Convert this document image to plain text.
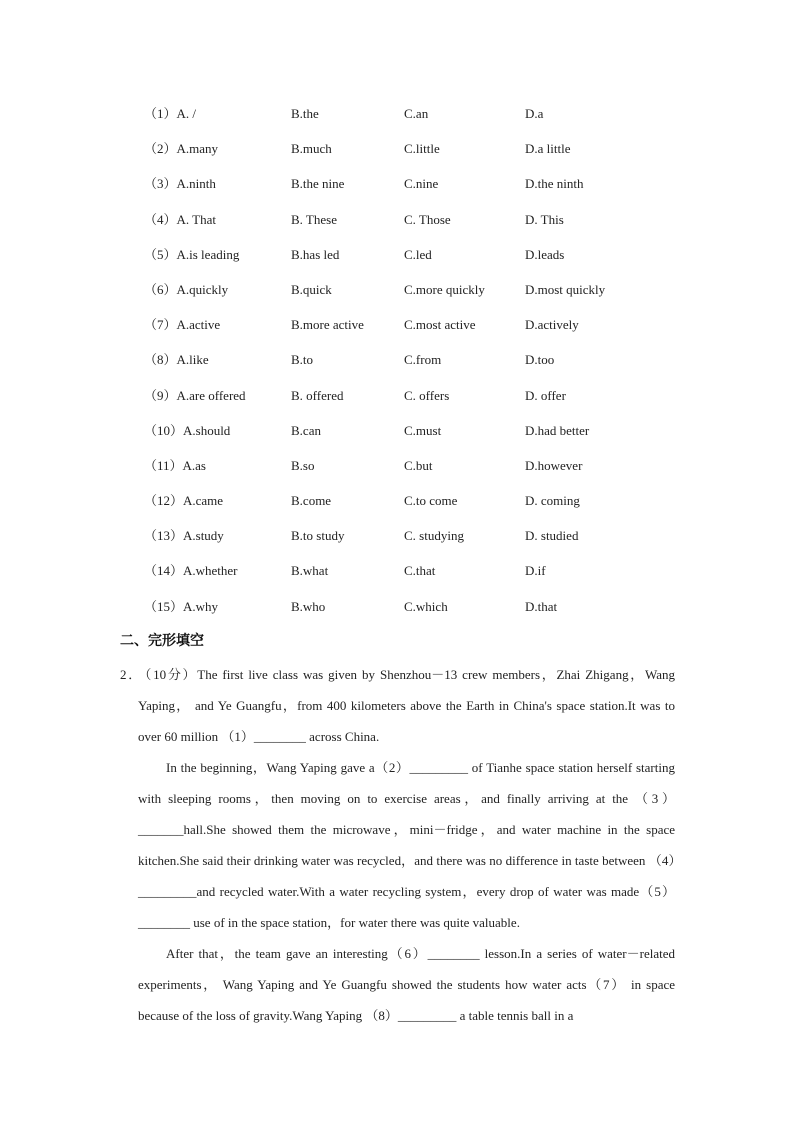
（1）A. /	B.the	C.an	D.a
（2）A.many	B.much	C.little	D.a little
（3）A.ninth	B.the nine	C.nine	D.the ninth
（4）A. That	B. These	C. Those	D. This
（5）A.is leading	B.has led	C.led	D.leads
（6）A.quickly	B.quick	C.more quickly	D.most quickly
（7）A.active	B.more active	C.most active	D.actively
（8）A.like	B.to	C.from	D.too
（9）A.are offered	B. offered	C. offers	D. offer
（10）A.should	B.can	C.must	D.had better
（11）A.as	B.so	C.but	D.however
（12）A.came	B.come	C.to come	D. coming
（13）A.study	B.to study	C. studying	D. studied
（14）A.whether	B.what	C.that	D.if
（15）A.why	B.who	C.which	D.that
二、完形填空

2． （10分）The first live class was given by Shenzhou－13 crew members，Zhai Zhigang，Wang Yaping， and Ye Guangfu，from 400 kilometers above the Earth in China's space station.It was to over 60 million （1）________ across China.

In the beginning，Wang Yaping gave a（2）_________ of Tianhe space station herself starting with sleeping rooms，then moving on to exercise areas，and finally arriving at the （3）_______hall.She showed them the microwave，mini－fridge，and water machine in the space kitchen.She said their drinking water was recycled，and there was no difference in taste between （4）_________and recycled water.With a water recycling system，every drop of water was made（5）________ use of in the space station，for water there was quite valuable.

After that，the team gave an interesting（6）________ lesson.In a series of water－related experiments， Wang Yaping and Ye Guangfu showed the students how water acts（7） in space because of the loss of gravity.Wang Yaping （8）_________ a table tennis ball in a
